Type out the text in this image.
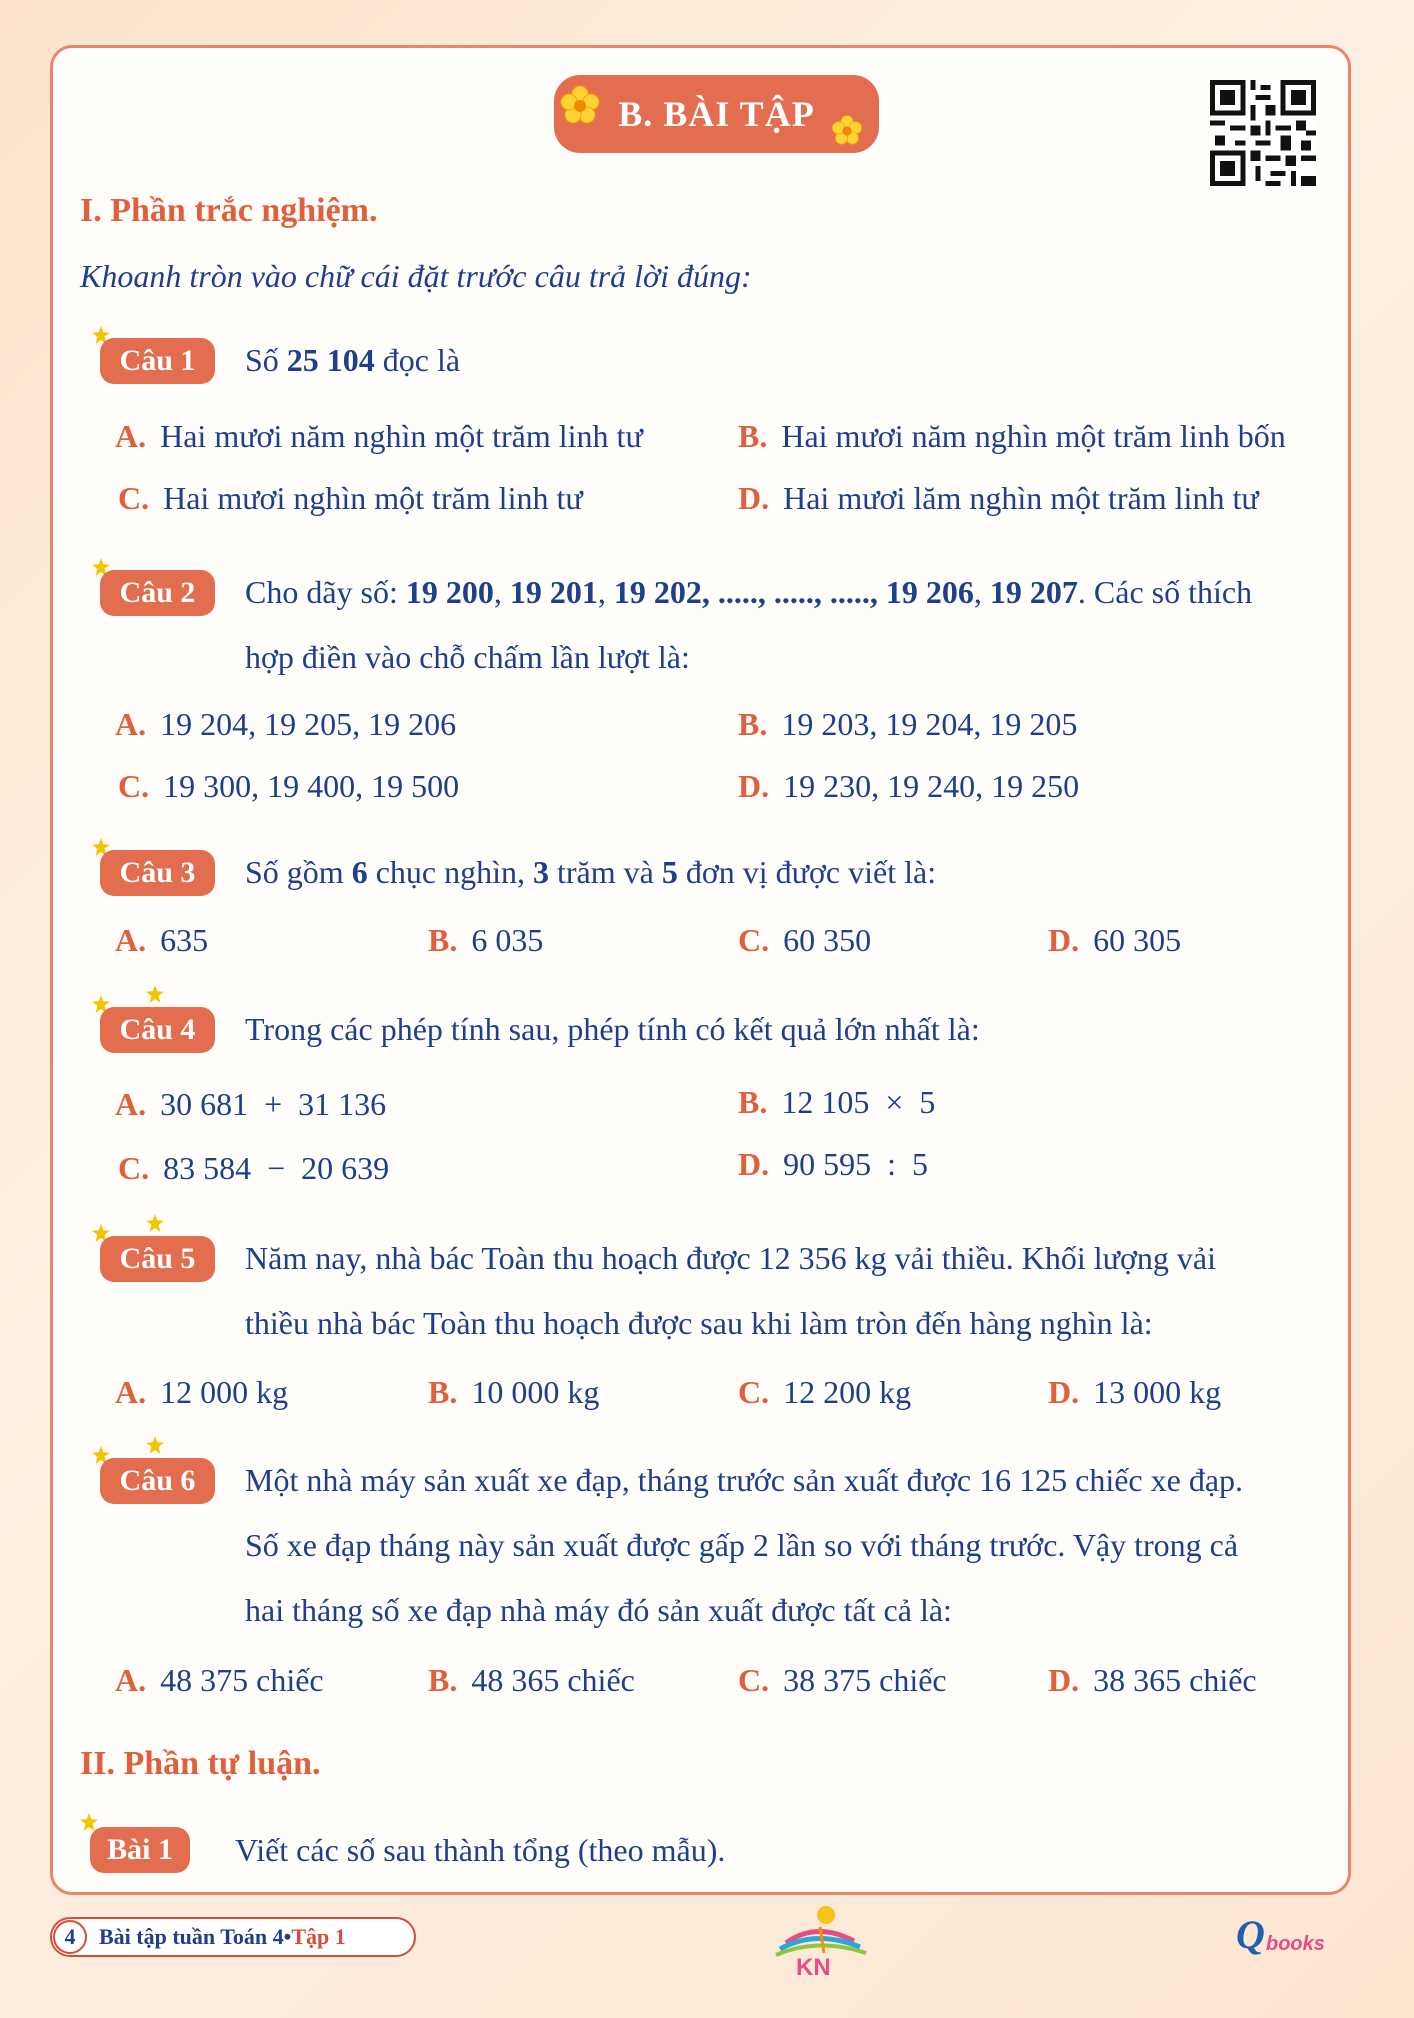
B. BÀI TẬP
I. Phần trắc nghiệm.
Khoanh tròn vào chữ cái đặt trước câu trả lời đúng:
Câu 1	Số 25 104 đọc là
A. Hai mươi năm nghìn một trăm linh tư	B. Hai mươi năm nghìn một trăm linh bốn
C. Hai mươi nghìn một trăm linh tư	D. Hai mươi lăm nghìn một trăm linh tư
Câu 2	Cho dãy số: 19 200, 19 201, 19 202, ....., ....., ....., 19 206, 19 207. Các số thích
hợp điền vào chỗ chấm lần lượt là:
A. 19 204, 19 205, 19 206	B. 19 203, 19 204, 19 205
C. 19 300, 19 400, 19 500	D. 19 230, 19 240, 19 250
Câu 3	Số gồm 6 chục nghìn, 3 trăm và 5 đơn vị được viết là:
A. 635	B. 6 035	C. 60 350	D. 60 305
Câu 4	Trong các phép tính sau, phép tính có kết quả lớn nhất là:
A. 30 681  +  31 136	B. 12 105  ×  5
C. 83 584  −  20 639	D. 90 595  :  5
Câu 5	Năm nay, nhà bác Toàn thu hoạch được 12 356 kg vải thiều. Khối lượng vải
thiều nhà bác Toàn thu hoạch được sau khi làm tròn đến hàng nghìn là:
A. 12 000 kg	B. 10 000 kg	C. 12 200 kg	D. 13 000 kg
Câu 6	Một nhà máy sản xuất xe đạp, tháng trước sản xuất được 16 125 chiếc xe đạp.
Số xe đạp tháng này sản xuất được gấp 2 lần so với tháng trước. Vậy trong cả
hai tháng số xe đạp nhà máy đó sản xuất được tất cả là:
A. 48 375 chiếc	B. 48 365 chiếc	C. 38 375 chiếc	D. 38 365 chiếc
II. Phần tự luận.
Bài 1	Viết các số sau thành tổng (theo mẫu).
4	Bài tập tuần Toán 4 • Tập 1
KN
Q books
